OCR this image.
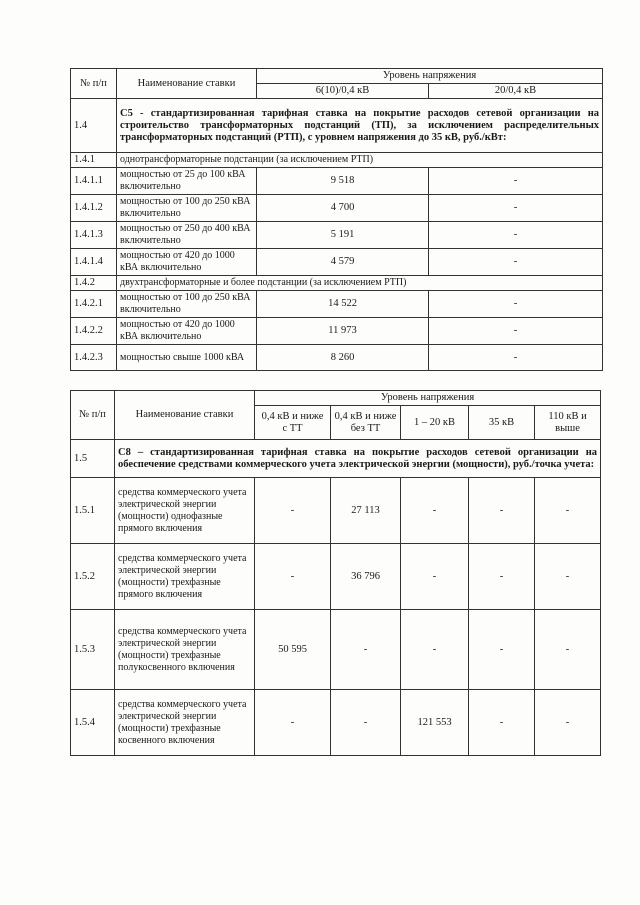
№ п/п	Наименование ставки	Уровень напряжения	
		6(10)/0,4 кВ	20/0,4 кВ
1.4	С5 - стандартизированная тарифная ставка на покрытие расходов сетевой организации на строительство трансформаторных подстанций (ТП), за исключением распределительных трансформаторных подстанций (РТП), с уровнем напряжения до 35 кВ, руб./кВт:		
1.4.1	однотрансформаторные подстанции (за исключением РТП)		
1.4.1.1	мощностью от 25 до 100 кВА включительно	9 518	-
1.4.1.2	мощностью от 100 до 250 кВА включительно	4 700	-
1.4.1.3	мощностью от 250 до 400 кВА включительно	5 191	-
1.4.1.4	мощностью от 420 до 1000 кВА включительно	4 579	-
1.4.2	двухтрансформаторные и более подстанции (за исключением РТП)		
1.4.2.1	мощностью от 100 до 250 кВА включительно	14 522	-
1.4.2.2	мощностью от 420 до 1000 кВА включительно	11 973	-
1.4.2.3	мощностью свыше 1000 кВА	8 260	-
№ п/п	Наименование ставки	Уровень напряжения				
		0,4 кВ и ниже с ТТ	0,4 кВ и ниже без ТТ	1 – 20 кВ	35 кВ	110 кВ и выше
1.5	С8 – стандартизированная тарифная ставка на покрытие расходов сетевой организации на обеспечение средствами коммерческого учета электрической энергии (мощности), руб./точка учета:					
1.5.1	средства коммерческого учета электрической энергии (мощности) однофазные прямого включения	-	27 113	-	-	-
1.5.2	средства коммерческого учета электрической энергии (мощности) трехфазные прямого включения	-	36 796	-	-	-
1.5.3	средства коммерческого учета электрической энергии (мощности) трехфазные полукосвенного включения	50 595	-	-	-	-
1.5.4	средства коммерческого учета электрической энергии (мощности) трехфазные косвенного включения	-	-	121 553	-	-
